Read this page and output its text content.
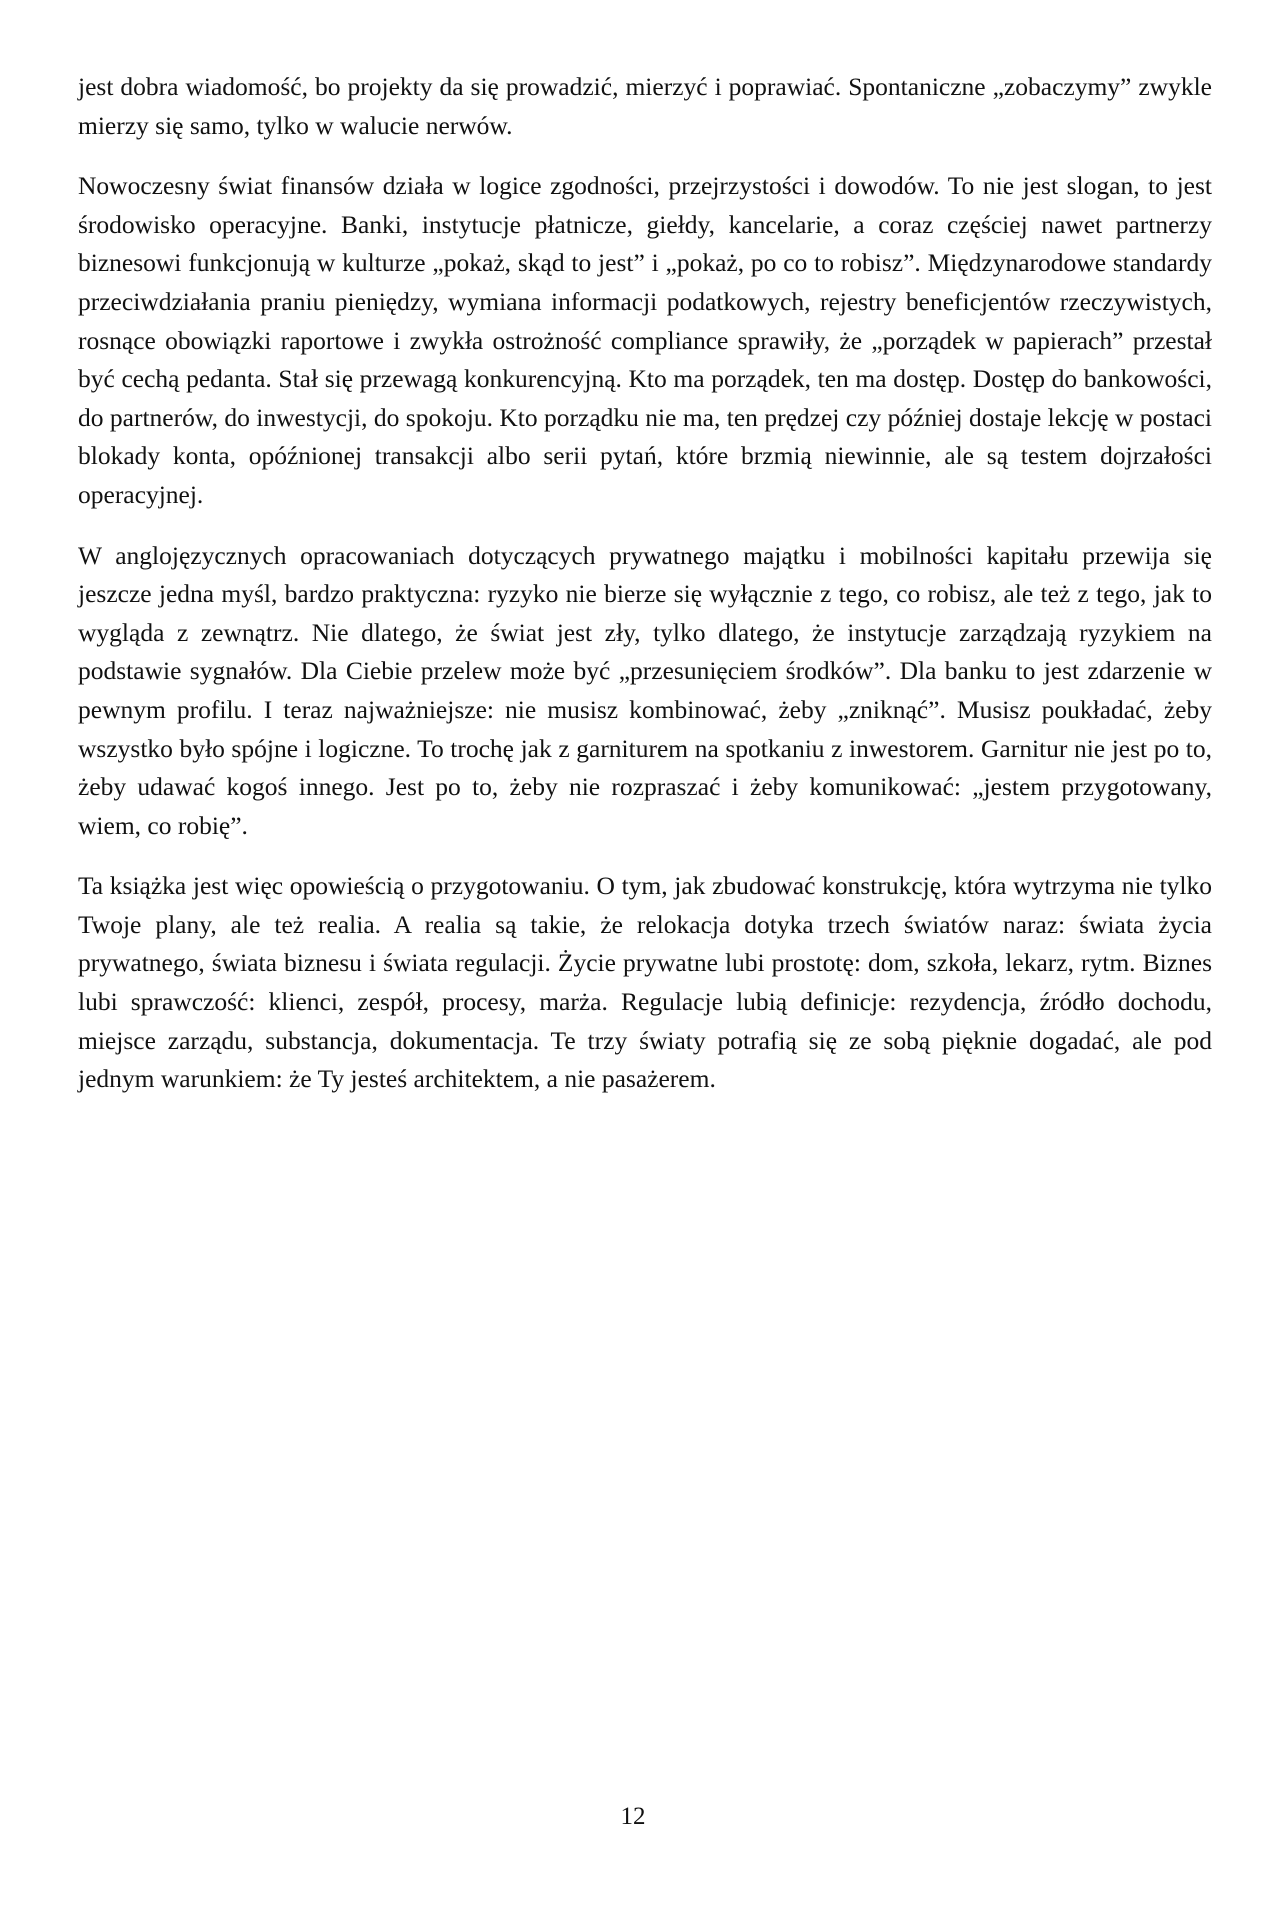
jest dobra wiadomość, bo projekty da się prowadzić, mierzyć i poprawiać. Spontaniczne „zobaczymy” zwykle mierzy się samo, tylko w walucie nerwów.

Nowoczesny świat finansów działa w logice zgodności, przejrzystości i dowodów. To nie jest slogan, to jest środowisko operacyjne. Banki, instytucje płatnicze, giełdy, kancelarie, a coraz częściej nawet partnerzy biznesowi funkcjonują w kulturze „pokaż, skąd to jest” i „pokaż, po co to robisz”. Międzynarodowe standardy przeciwdziałania praniu pieniędzy, wymiana informacji podatkowych, rejestry beneficjentów rzeczywistych, rosnące obowiązki raportowe i zwykła ostrożność compliance sprawiły, że „porządek w papierach” przestał być cechą pedanta. Stał się przewagą konkurencyjną. Kto ma porządek, ten ma dostęp. Dostęp do bankowości, do partnerów, do inwestycji, do spokoju. Kto porządku nie ma, ten prędzej czy później dostaje lekcję w postaci blokady konta, opóźnionej transakcji albo serii pytań, które brzmią niewinnie, ale są testem dojrzałości operacyjnej.

W anglojęzycznych opracowaniach dotyczących prywatnego majątku i mobilności kapitału przewija się jeszcze jedna myśl, bardzo praktyczna: ryzyko nie bierze się wyłącznie z tego, co robisz, ale też z tego, jak to wygląda z zewnątrz. Nie dlatego, że świat jest zły, tylko dlatego, że instytucje zarządzają ryzykiem na podstawie sygnałów. Dla Ciebie przelew może być „przesunięciem środków”. Dla banku to jest zdarzenie w pewnym profilu. I teraz najważniejsze: nie musisz kombinować, żeby „zniknąć”. Musisz poukładać, żeby wszystko było spójne i logiczne. To trochę jak z garniturem na spotkaniu z inwestorem. Garnitur nie jest po to, żeby udawać kogoś innego. Jest po to, żeby nie rozpraszać i żeby komunikować: „jestem przygotowany, wiem, co robię”.

Ta książka jest więc opowieścią o przygotowaniu. O tym, jak zbudować konstrukcję, która wytrzyma nie tylko Twoje plany, ale też realia. A realia są takie, że relokacja dotyka trzech światów naraz: świata życia prywatnego, świata biznesu i świata regulacji. Życie prywatne lubi prostotę: dom, szkoła, lekarz, rytm. Biznes lubi sprawczość: klienci, zespół, procesy, marża. Regulacje lubią definicje: rezydencja, źródło dochodu, miejsce zarządu, substancja, dokumentacja. Te trzy światy potrafią się ze sobą pięknie dogadać, ale pod jednym warunkiem: że Ty jesteś architektem, a nie pasażerem.

12
